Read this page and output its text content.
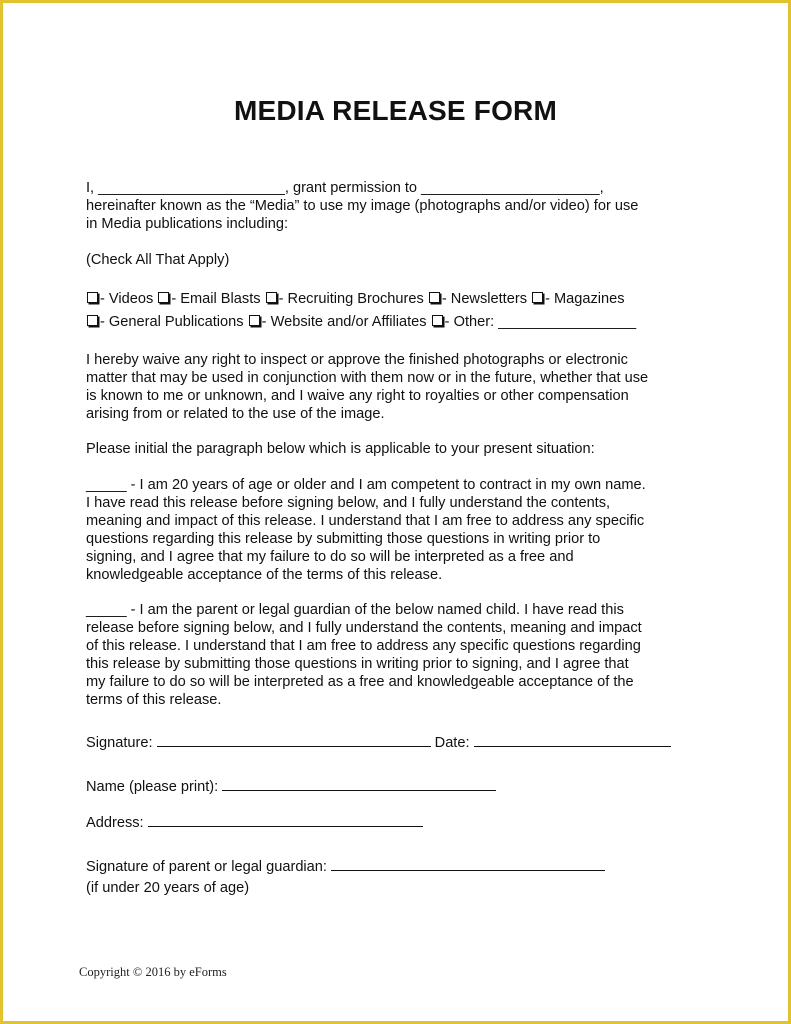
MEDIA RELEASE FORM
I, _______________________, grant permission to ______________________,
hereinafter known as the “Media” to use my image (photographs and/or video) for use
in Media publications including:
(Check All That Apply)
- Videos - Email Blasts - Recruiting Brochures - Newsletters - Magazines
- General Publications - Website and/or Affiliates - Other: _________________
I hereby waive any right to inspect or approve the finished photographs or electronic
matter that may be used in conjunction with them now or in the future, whether that use
is known to me or unknown, and I waive any right to royalties or other compensation
arising from or related to the use of the image.
Please initial the paragraph below which is applicable to your present situation:
_____ - I am 20 years of age or older and I am competent to contract in my own name.
I have read this release before signing below, and I fully understand the contents,
meaning and impact of this release. I understand that I am free to address any specific
questions regarding this release by submitting those questions in writing prior to
signing, and I agree that my failure to do so will be interpreted as a free and
knowledgeable acceptance of the terms of this release.
_____ - I am the parent or legal guardian of the below named child. I have read this
release before signing below, and I fully understand the contents, meaning and impact
of this release. I understand that I am free to address any specific questions regarding
this release by submitting those questions in writing prior to signing, and I agree that
my failure to do so will be interpreted as a free and knowledgeable acceptance of the
terms of this release.
Signature:	Date:
Name (please print):
Address:
Signature of parent or legal guardian:
(if under 20 years of age)
Copyright © 2016 by eForms
